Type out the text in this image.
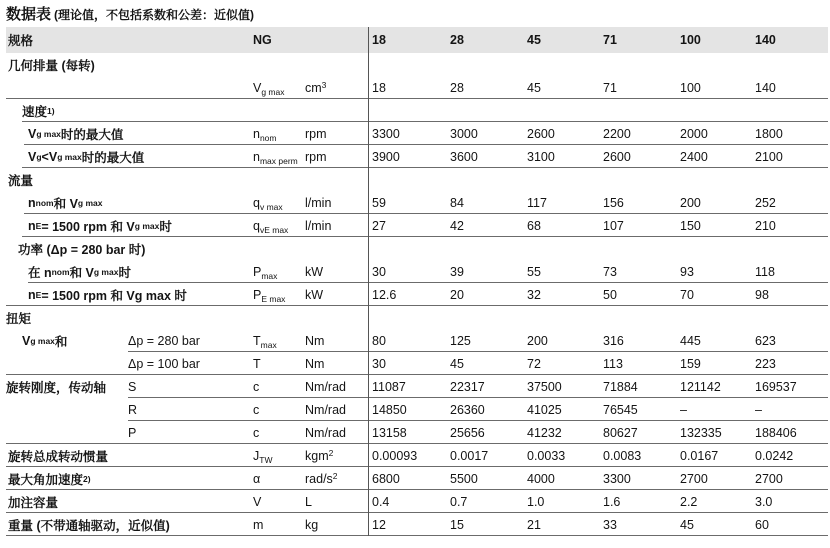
数据表 (理论值，不包括系数和公差：近似值)
规格	NG	18	28	45	71	100	140
几何排量 (每转)
$V_{g max}$	$cm^3$	18	28	45	71	100	140
速度 1)
V g max 时的最大值	$n_{nom}$	rpm	3300	3000	2600	2200	2000	1800
V g <V g max 时的最大值	$n_{max perm}$ rpm	3900	3600	3100	2600	2400	2100
流量
n nom 和 V g max	$q_{v max}$	l/min	59	84	117	156	200	252
n E = 1500 rpm 和 V g max 时	$q_{vE max}$	l/min	27	42	68	107	150	210
功率 (Δp = 280 bar 时)
在 n nom 和 V g max 时	$P_{max}$	kW	30	39	55	73	93	118
n E = 1500 rpm 和 Vg max 时	$P_{E max}$	kW	12.6	20	32	50	70	98
扭矩
V g max 和	Δp = 280 bar	$T_{max}$	Nm	80	125	200	316	445	623
Δp = 100 bar	T	Nm	30	45	72	113	159	223
旋转刚度，传动轴 S	c	Nm/rad	11087	22317	37500	71884	121142	169537
R	c	Nm/rad	14850	26360	41025	76545	–	–
P	c	Nm/rad	13158	25656	41232	80627	132335	188406
旋转总成转动惯量	$J_{TW}$	kgm$^2$	0.00093	0.0017	0.0033	0.0083	0.0167	0.0242
最大角加速度 2)	α	rad/$s^2$	6800	5500	4000	3300	2700	2700
加注容量	V	L	0.4	0.7	1.0	1.6	2.2	3.0
重量 (不带通轴驱动，近似值)	m	kg	12	15	21	33	45	60
